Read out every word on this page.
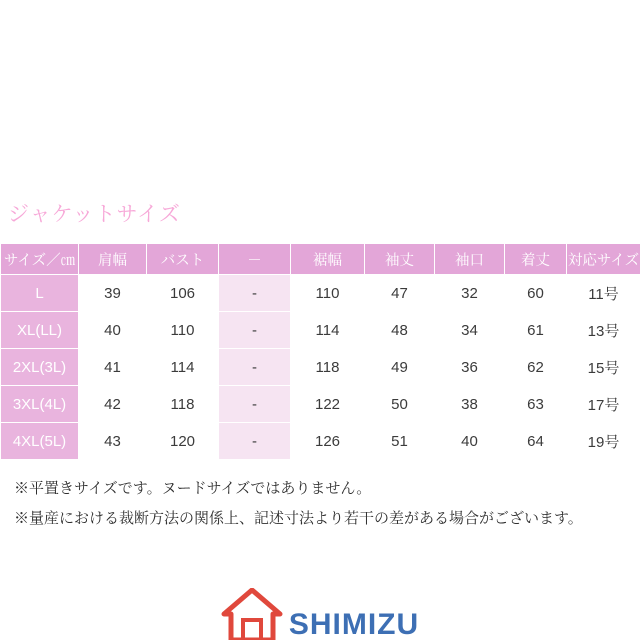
ジャケットサイズ
サイズ／㎝	肩幅	バスト	－	裾幅	袖丈	袖口	着丈	対応サイズ
L	39	106	-	110	47	32	60	11号
XL(LL)	40	110	-	114	48	34	61	13号
2XL(3L)	41	114	-	118	49	36	62	15号
3XL(4L)	42	118	-	122	50	38	63	17号
4XL(5L)	43	120	-	126	51	40	64	19号
※平置きサイズです。ヌードサイズではありません。
※量産における裁断方法の関係上、記述寸法より若干の差がある場合がございます。
SHIMIZU
